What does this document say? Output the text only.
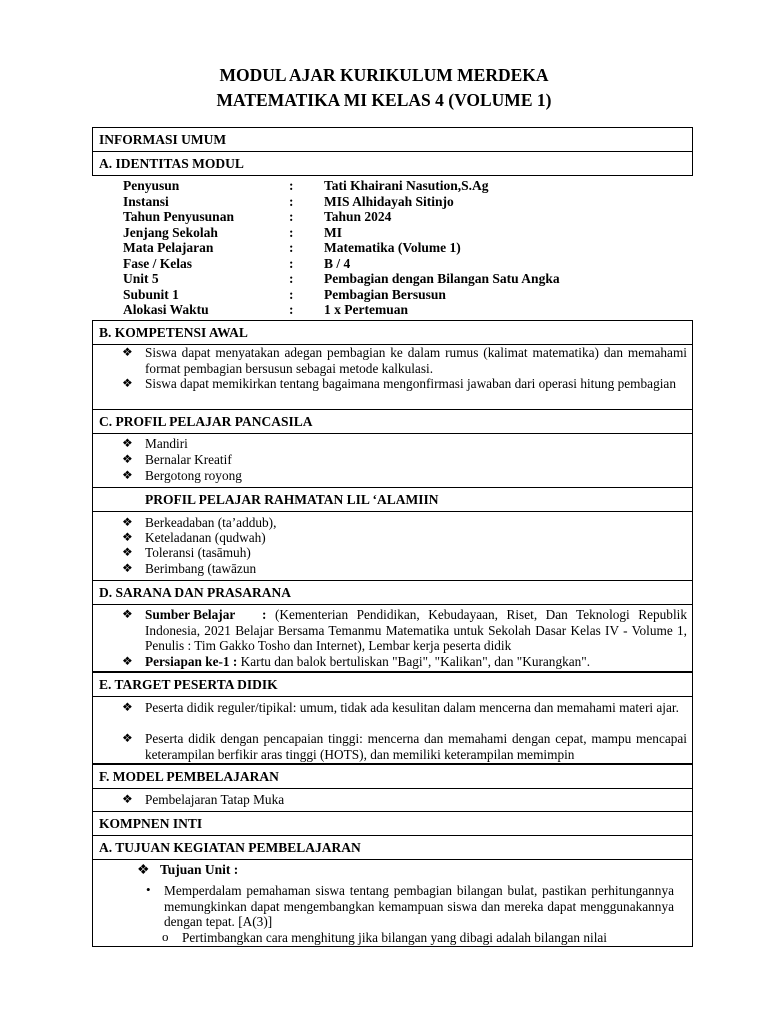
MODUL AJAR KURIKULUM MERDEKA
MATEMATIKA MI KELAS 4 (VOLUME 1)
INFORMASI UMUM
A. IDENTITAS MODUL
Penyusun	: Tati Khairani Nasution,S.Ag
Instansi	: MIS Alhidayah Sitinjo
Tahun Penyusunan	: Tahun 2024
Jenjang Sekolah	: MI
Mata Pelajaran	: Matematika (Volume 1)
Fase / Kelas	: B / 4
Unit 5	: Pembagian dengan Bilangan Satu Angka
Subunit 1	: Pembagian Bersusun
Alokasi Waktu	: 1 x Pertemuan
B. KOMPETENSI AWAL
❖ Siswa dapat menyatakan adegan pembagian ke dalam rumus (kalimat matematika) dan memahami format pembagian bersusun sebagai metode kalkulasi.
❖ Siswa dapat memikirkan tentang bagaimana mengonfirmasi jawaban dari operasi hitung pembagian
C. PROFIL PELAJAR PANCASILA
❖ Mandiri
❖ Bernalar Kreatif
❖ Bergotong royong
PROFIL PELAJAR RAHMATAN LIL ‘ALAMIIN
❖ Berkeadaban (ta’addub),
❖ Keteladanan (qudwah)
❖ Toleransi (tasāmuh)
❖ Berimbang (tawāzun
D. SARANA DAN PRASARANA
❖ Sumber Belajar : (Kementerian Pendidikan, Kebudayaan, Riset, Dan Teknologi Republik Indonesia, 2021 Belajar Bersama Temanmu Matematika untuk Sekolah Dasar Kelas IV - Volume 1, Penulis : Tim Gakko Tosho dan Internet), Lembar kerja peserta didik
❖ Persiapan ke-1 : Kartu dan balok bertuliskan "Bagi", "Kalikan", dan "Kurangkan".
E. TARGET PESERTA DIDIK
❖ Peserta didik reguler/tipikal: umum, tidak ada kesulitan dalam mencerna dan memahami materi ajar.
❖ Peserta didik dengan pencapaian tinggi: mencerna dan memahami dengan cepat, mampu mencapai keterampilan berfikir aras tinggi (HOTS), dan memiliki keterampilan memimpin
F. MODEL PEMBELAJARAN
❖ Pembelajaran Tatap Muka
KOMPNEN INTI
A. TUJUAN KEGIATAN PEMBELAJARAN
❖ Tujuan Unit :
• Memperdalam pemahaman siswa tentang pembagian bilangan bulat, pastikan perhitungannya memungkinkan dapat mengembangkan kemampuan siswa dan mereka dapat menggunakannya dengan tepat. [A(3)]
o Pertimbangkan cara menghitung jika bilangan yang dibagi adalah bilangan nilai
